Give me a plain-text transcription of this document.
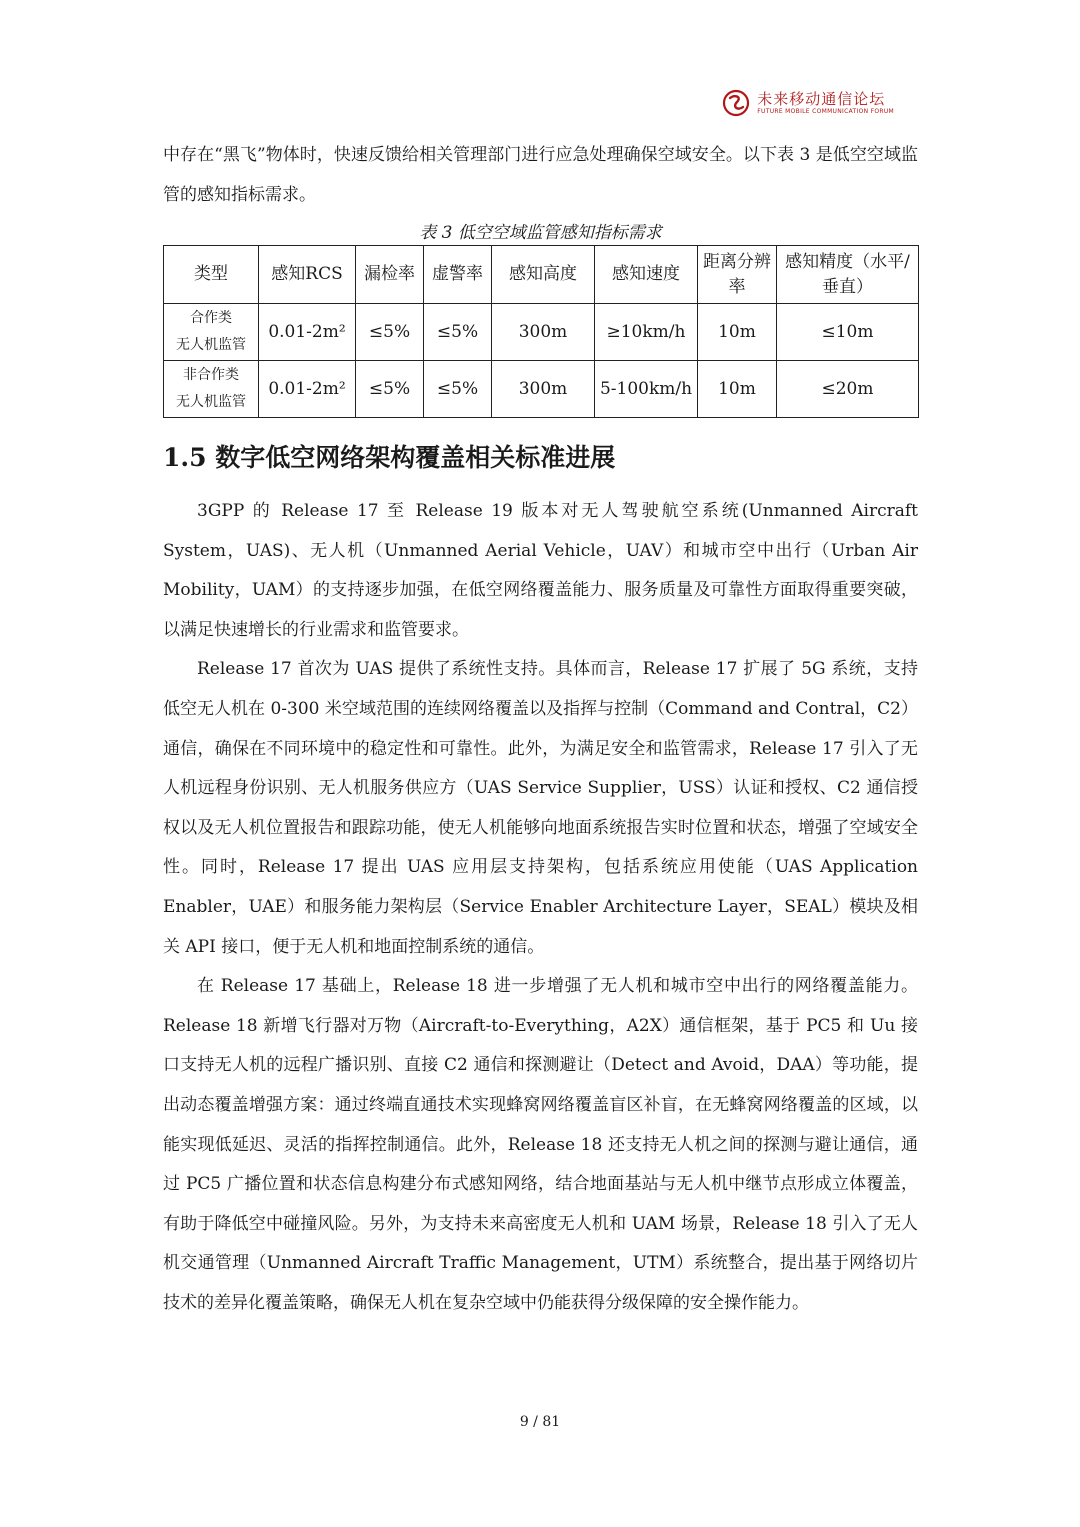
未来移动通信论坛
FUTURE MOBILE COMMUNICATION FORUM

中存在“黑飞”物体时，快速反馈给相关管理部门进行应急处理确保空域安全。以下表 3 是低空空域监管的感知指标需求。

表 3 低空空域监管感知指标需求
类型	感知RCS	漏检率	虚警率	感知高度	感知速度	距离分辨率	感知精度（水平/垂直）
合作类
无人机监管	0.01-2m²	≤5%	≤5%	300m	≥10km/h	10m	≤10m
非合作类
无人机监管	0.01-2m²	≤5%	≤5%	300m	5-100km/h	10m	≤20m
1.5 数字低空网络架构覆盖相关标准进展

3GPP 的 Release 17 至 Release 19 版本对无人驾驶航空系统(Unmanned Aircraft System，UAS)、无人机（Unmanned Aerial Vehicle，UAV）和城市空中出行（Urban Air Mobility，UAM）的支持逐步加强，在低空网络覆盖能力、服务质量及可靠性方面取得重要突破，以满足快速增长的行业需求和监管要求。

Release 17 首次为 UAS 提供了系统性支持。具体而言，Release 17 扩展了 5G 系统，支持低空无人机在 0-300 米空域范围的连续网络覆盖以及指挥与控制（Command and Contral，C2）通信，确保在不同环境中的稳定性和可靠性。此外，为满足安全和监管需求，Release 17 引入了无人机远程身份识别、无人机服务供应方（UAS Service Supplier，USS）认证和授权、C2 通信授权以及无人机位置报告和跟踪功能，使无人机能够向地面系统报告实时位置和状态，增强了空域安全性。同时，Release 17 提出 UAS 应用层支持架构，包括系统应用使能（UAS Application Enabler，UAE）和服务能力架构层（Service Enabler Architecture Layer，SEAL）模块及相关 API 接口，便于无人机和地面控制系统的通信。

在 Release 17 基础上，Release 18 进一步增强了无人机和城市空中出行的网络覆盖能力。Release 18 新增飞行器对万物（Aircraft-to-Everything，A2X）通信框架，基于 PC5 和 Uu 接口支持无人机的远程广播识别、直接 C2 通信和探测避让（Detect and Avoid，DAA）等功能，提出动态覆盖增强方案：通过终端直通技术实现蜂窝网络覆盖盲区补盲，在无蜂窝网络覆盖的区域，以能实现低延迟、灵活的指挥控制通信。此外，Release 18 还支持无人机之间的探测与避让通信，通过 PC5 广播位置和状态信息构建分布式感知网络，结合地面基站与无人机中继节点形成立体覆盖，有助于降低空中碰撞风险。另外，为支持未来高密度无人机和 UAM 场景，Release 18 引入了无人机交通管理（Unmanned Aircraft Traffic Management，UTM）系统整合，提出基于网络切片技术的差异化覆盖策略，确保无人机在复杂空域中仍能获得分级保障的安全操作能力。

9 / 81
